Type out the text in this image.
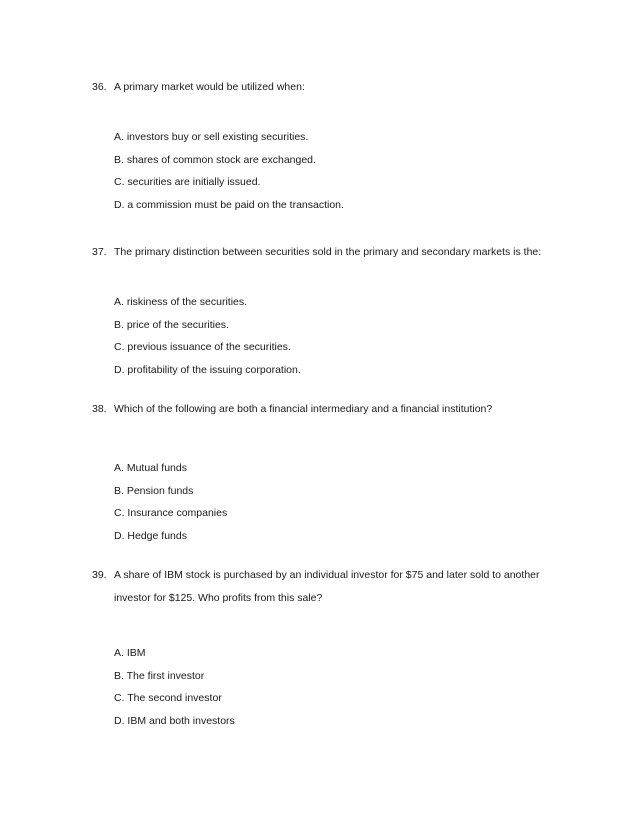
36. A primary market would be utilized when:
A. investors buy or sell existing securities.
B. shares of common stock are exchanged.
C. securities are initially issued.
D. a commission must be paid on the transaction.
37. The primary distinction between securities sold in the primary and secondary markets is the:
A. riskiness of the securities.
B. price of the securities.
C. previous issuance of the securities.
D. profitability of the issuing corporation.
38. Which of the following are both a financial intermediary and a financial institution?
A. Mutual funds
B. Pension funds
C. Insurance companies
D. Hedge funds
39. A share of IBM stock is purchased by an individual investor for $75 and later sold to another
investor for $125. Who profits from this sale?
A. IBM
B. The first investor
C. The second investor
D. IBM and both investors
